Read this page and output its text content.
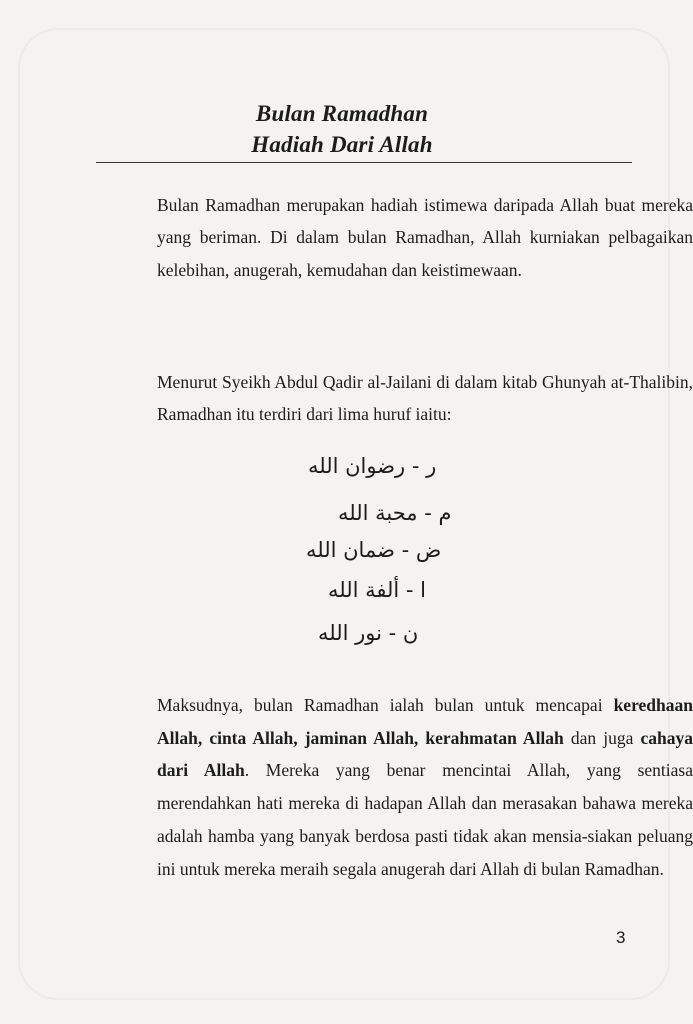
Bulan Ramadhan
Hadiah Dari Allah

Bulan Ramadhan merupakan hadiah istimewa daripada Allah buat mereka yang beriman. Di dalam bulan Ramadhan, Allah kurniakan pelbagaikan kelebihan, anugerah, kemudahan dan keistimewaan.

Menurut Syeikh Abdul Qadir al-Jailani di dalam kitab Ghunyah at-Thalibin, Ramadhan itu terdiri dari lima huruf iaitu:

ر - رضوان الله
م - محبة الله
ض - ضمان الله
ا - ألفة الله
ن - نور الله

Maksudnya, bulan Ramadhan ialah bulan untuk mencapai keredhaan Allah, cinta Allah, jaminan Allah, kerahmatan Allah dan juga cahaya dari Allah. Mereka yang benar mencintai Allah, yang sentiasa merendahkan hati mereka di hadapan Allah dan merasakan bahawa mereka adalah hamba yang banyak berdosa pasti tidak akan mensia-siakan peluang ini untuk mereka meraih segala anugerah dari Allah di bulan Ramadhan.

3
